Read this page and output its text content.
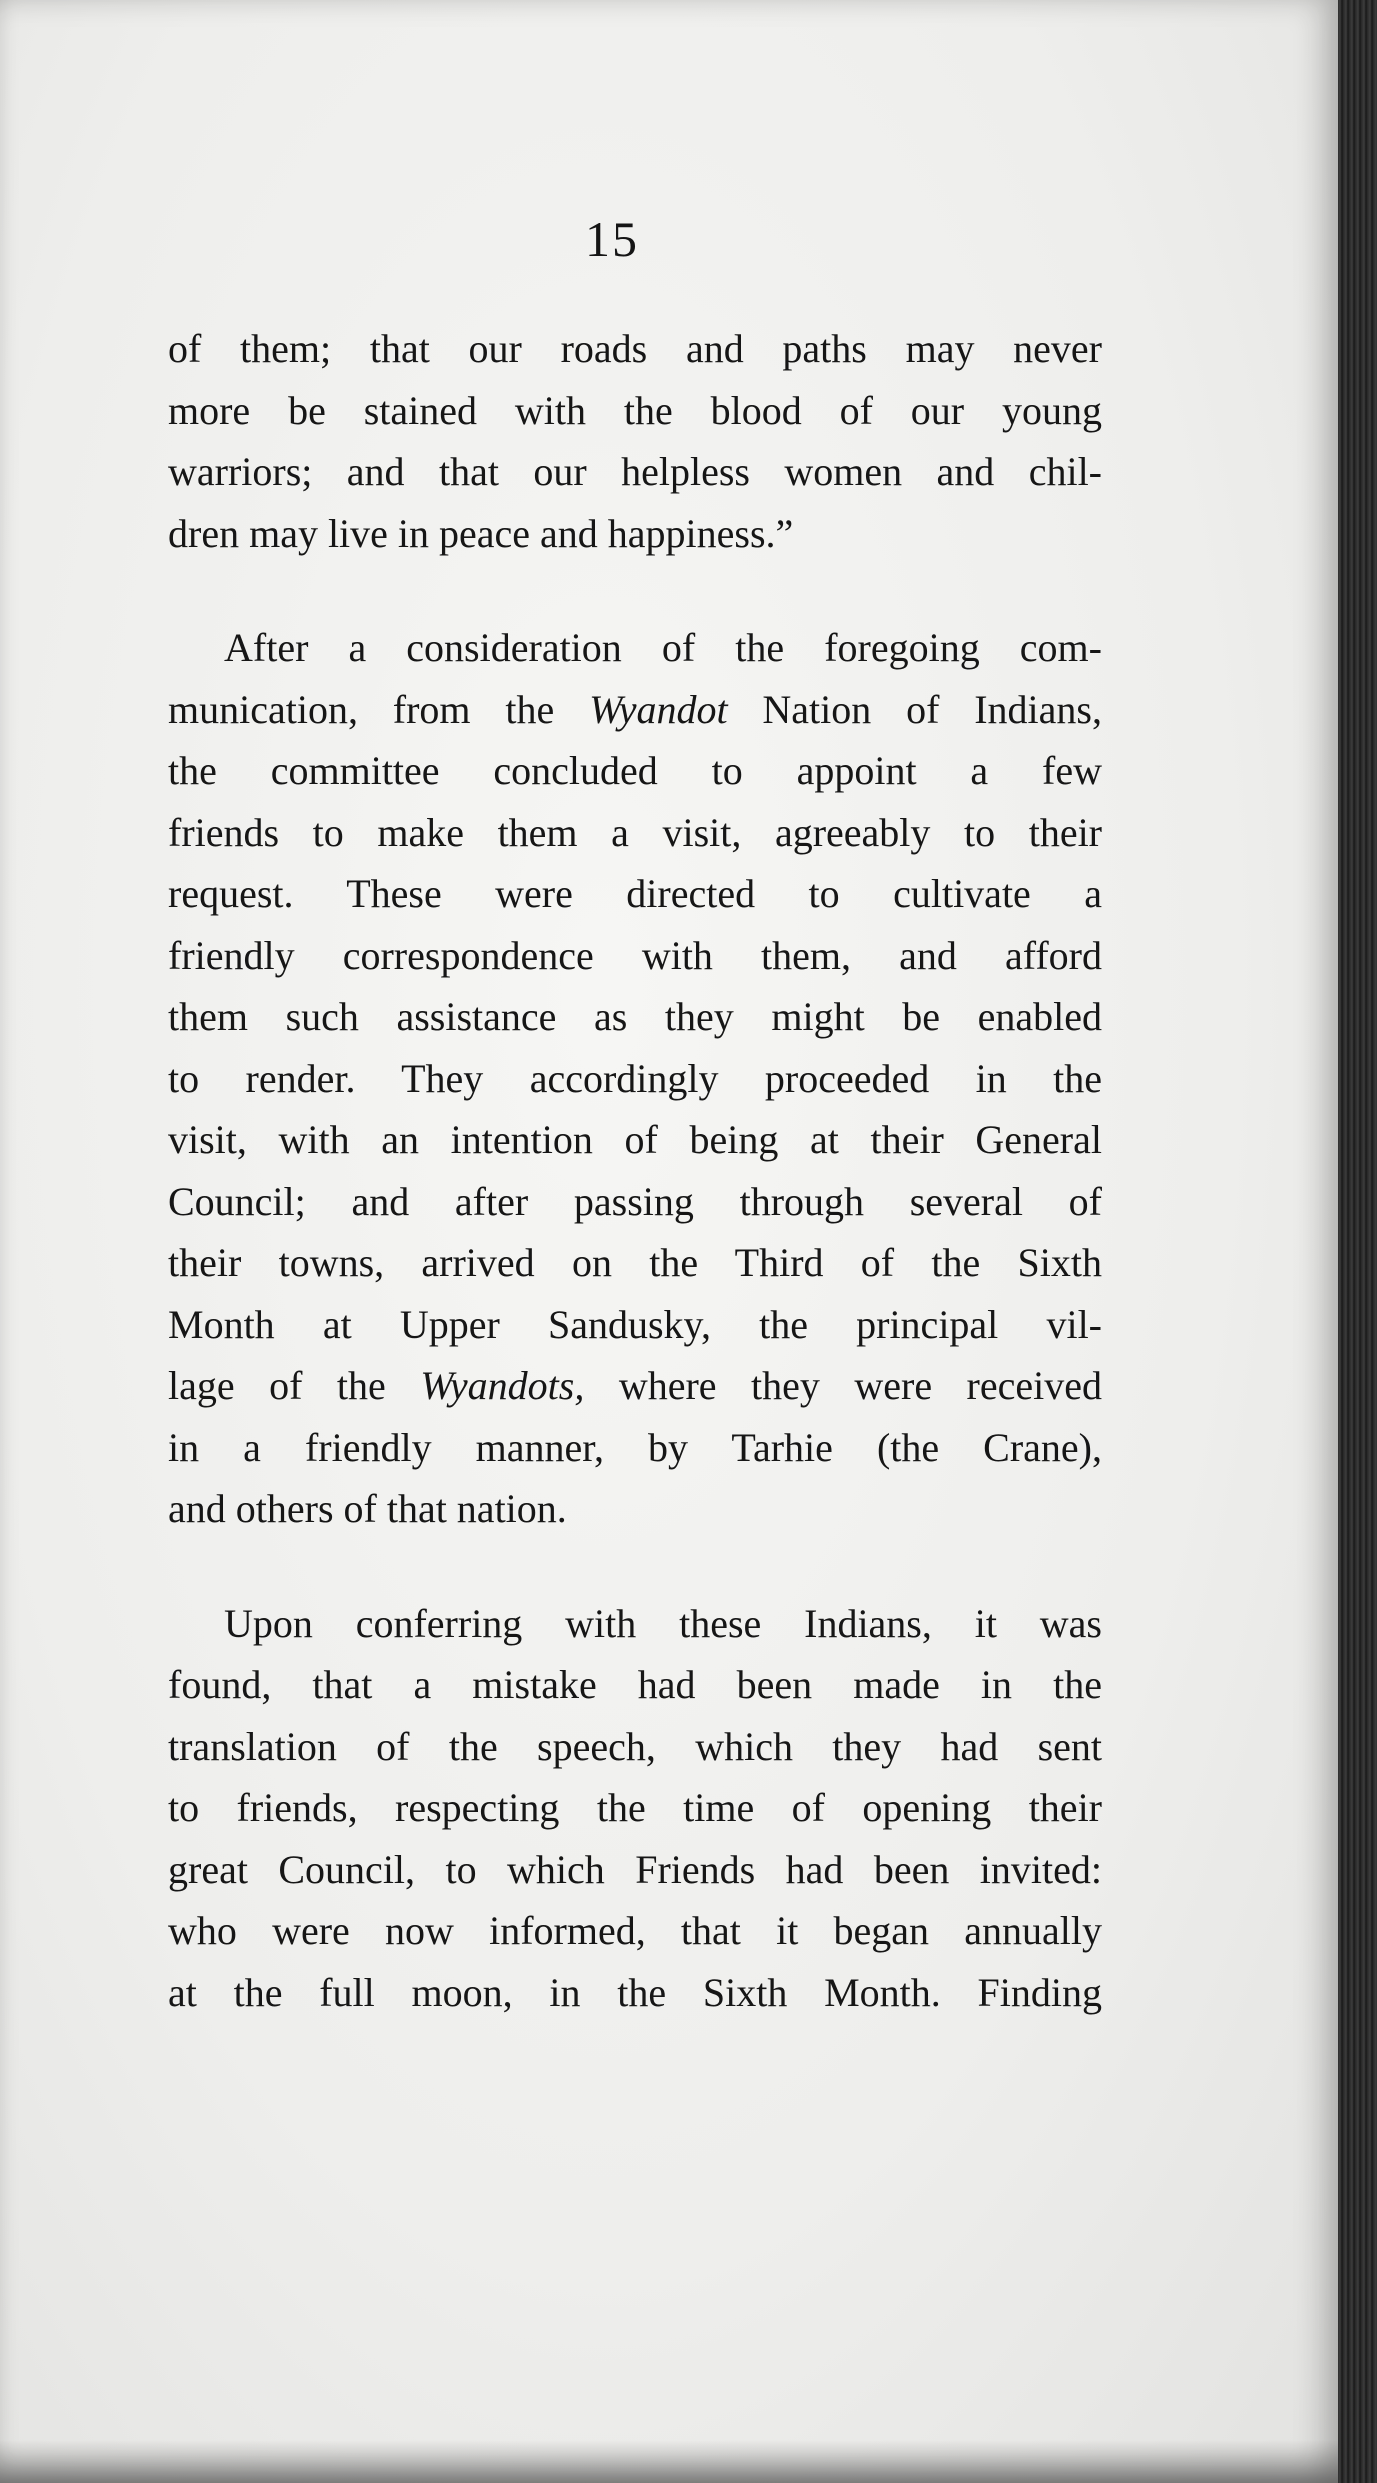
15
of them; that our roads and paths may never
more be stained with the blood of our young
warriors; and that our helpless women and chil-
dren may live in peace and happiness.”
After a consideration of the foregoing com-
munication, from the Wyandot Nation of Indians,
the committee concluded to appoint a few
friends to make them a visit, agreeably to their
request. These were directed to cultivate a
friendly correspondence with them, and afford
them such assistance as they might be enabled
to render. They accordingly proceeded in the
visit, with an intention of being at their General
Council; and after passing through several of
their towns, arrived on the Third of the Sixth
Month at Upper Sandusky, the principal vil-
lage of the Wyandots, where they were received
in a friendly manner, by Tarhie (the Crane),
and others of that nation.
Upon conferring with these Indians, it was
found, that a mistake had been made in the
translation of the speech, which they had sent
to friends, respecting the time of opening their
great Council, to which Friends had been invited:
who were now informed, that it began annually
at the full moon, in the Sixth Month. Finding
